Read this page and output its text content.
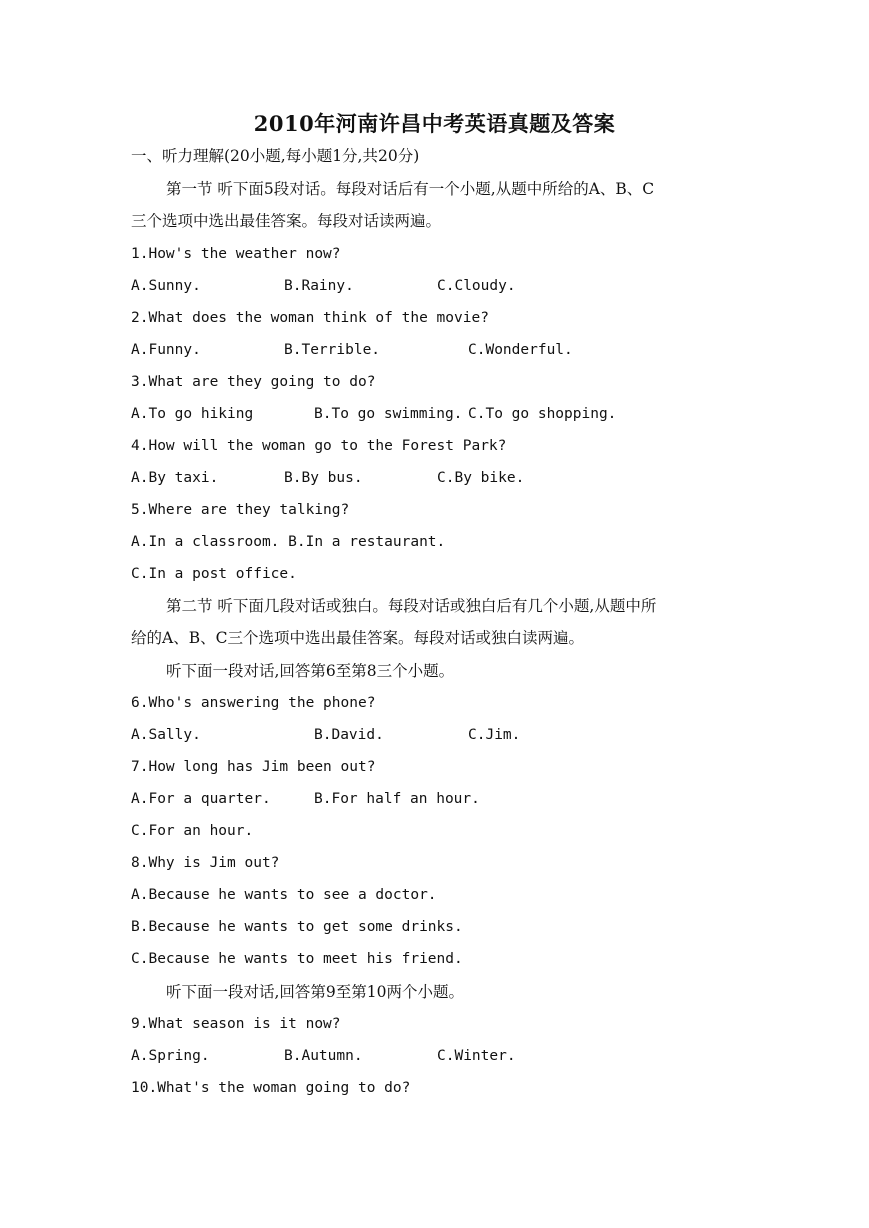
2010年河南许昌中考英语真题及答案
一、听力理解(20小题,每小题1分,共20分)
第一节 听下面5段对话。每段对话后有一个小题,从题中所给的A、B、C
三个选项中选出最佳答案。每段对话读两遍。
1.How's the weather now?
A.Sunny.	B.Rainy.	C.Cloudy.
2.What does the woman think of the movie?
A.Funny.	B.Terrible.	C.Wonderful.
3.What are they going to do?
A.To go hiking	B.To go swimming. C.To go shopping.
4.How will the woman go to the Forest Park?
A.By taxi.	B.By bus.	C.By bike.
5.Where are they talking?
A.In a classroom. B.In a restaurant.
C.In a post office.
第二节 听下面几段对话或独白。每段对话或独白后有几个小题,从题中所
给的A、B、C三个选项中选出最佳答案。每段对话或独白读两遍。
听下面一段对话,回答第6至第8三个小题。
6.Who's answering the phone?
A.Sally.	B.David.	C.Jim.
7.How long has Jim been out?
A.For a quarter.	B.For half an hour.
C.For an hour.
8.Why is Jim out?
A.Because he wants to see a doctor.
B.Because he wants to get some drinks.
C.Because he wants to meet his friend.
听下面一段对话,回答第9至第10两个小题。
9.What season is it now?
A.Spring.	B.Autumn.	C.Winter.
10.What's the woman going to do?
